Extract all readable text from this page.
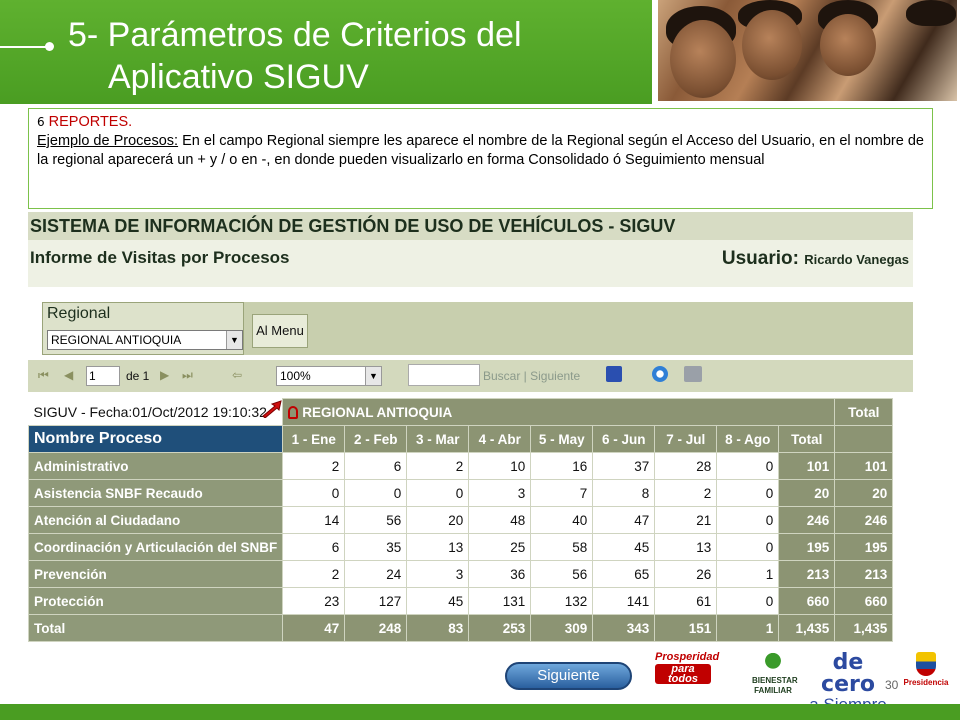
5- Parámetros de Criterios del
Aplicativo SIGUV
6 REPORTES.
Ejemplo de Procesos: En el campo Regional siempre les aparece el nombre de la Regional según el Acceso del Usuario, en el nombre de la regional aparecerá un + y / o en -, en donde pueden visualizarlo en forma Consolidado ó Seguimiento mensual
SISTEMA DE INFORMACIÓN DE GESTIÓN DE USO DE VEHÍCULOS - SIGUV
Informe de Visitas por Procesos	Usuario: Ricardo Vanegas
Regional
REGIONAL ANTIOQUIA	▼
Al Menu
⏮ ◀ 1	de 1 ▶ ⏭	⇦	100%	▼	Buscar | Siguiente
SIGUV - Fecha:01/Oct/2012 19:10:32	REGIONAL ANTIOQUIA									Total
Nombre Proceso	1 - Ene	2 - Feb	3 - Mar	4 - Abr	5 - May	6 - Jun	7 - Jul	8 - Ago	Total	
Administrativo	2	6	2	10	16	37	28	0	101	101
Asistencia SNBF Recaudo	0	0	0	3	7	8	2	0	20	20
Atención al Ciudadano	14	56	20	48	40	47	21	0	246	246
Coordinación y Articulación del SNBF	6	35	13	25	58	45	13	0	195	195
Prevención	2	24	3	36	56	65	26	1	213	213
Protección	23	127	45	131	132	141	61	0	660	660
Total	47	248	83	253	309	343	151	1	1,435	1,435
Siguiente
Prosperidad
para todos	BIENESTAR FAMILIAR
de cero 30 Presidencia
